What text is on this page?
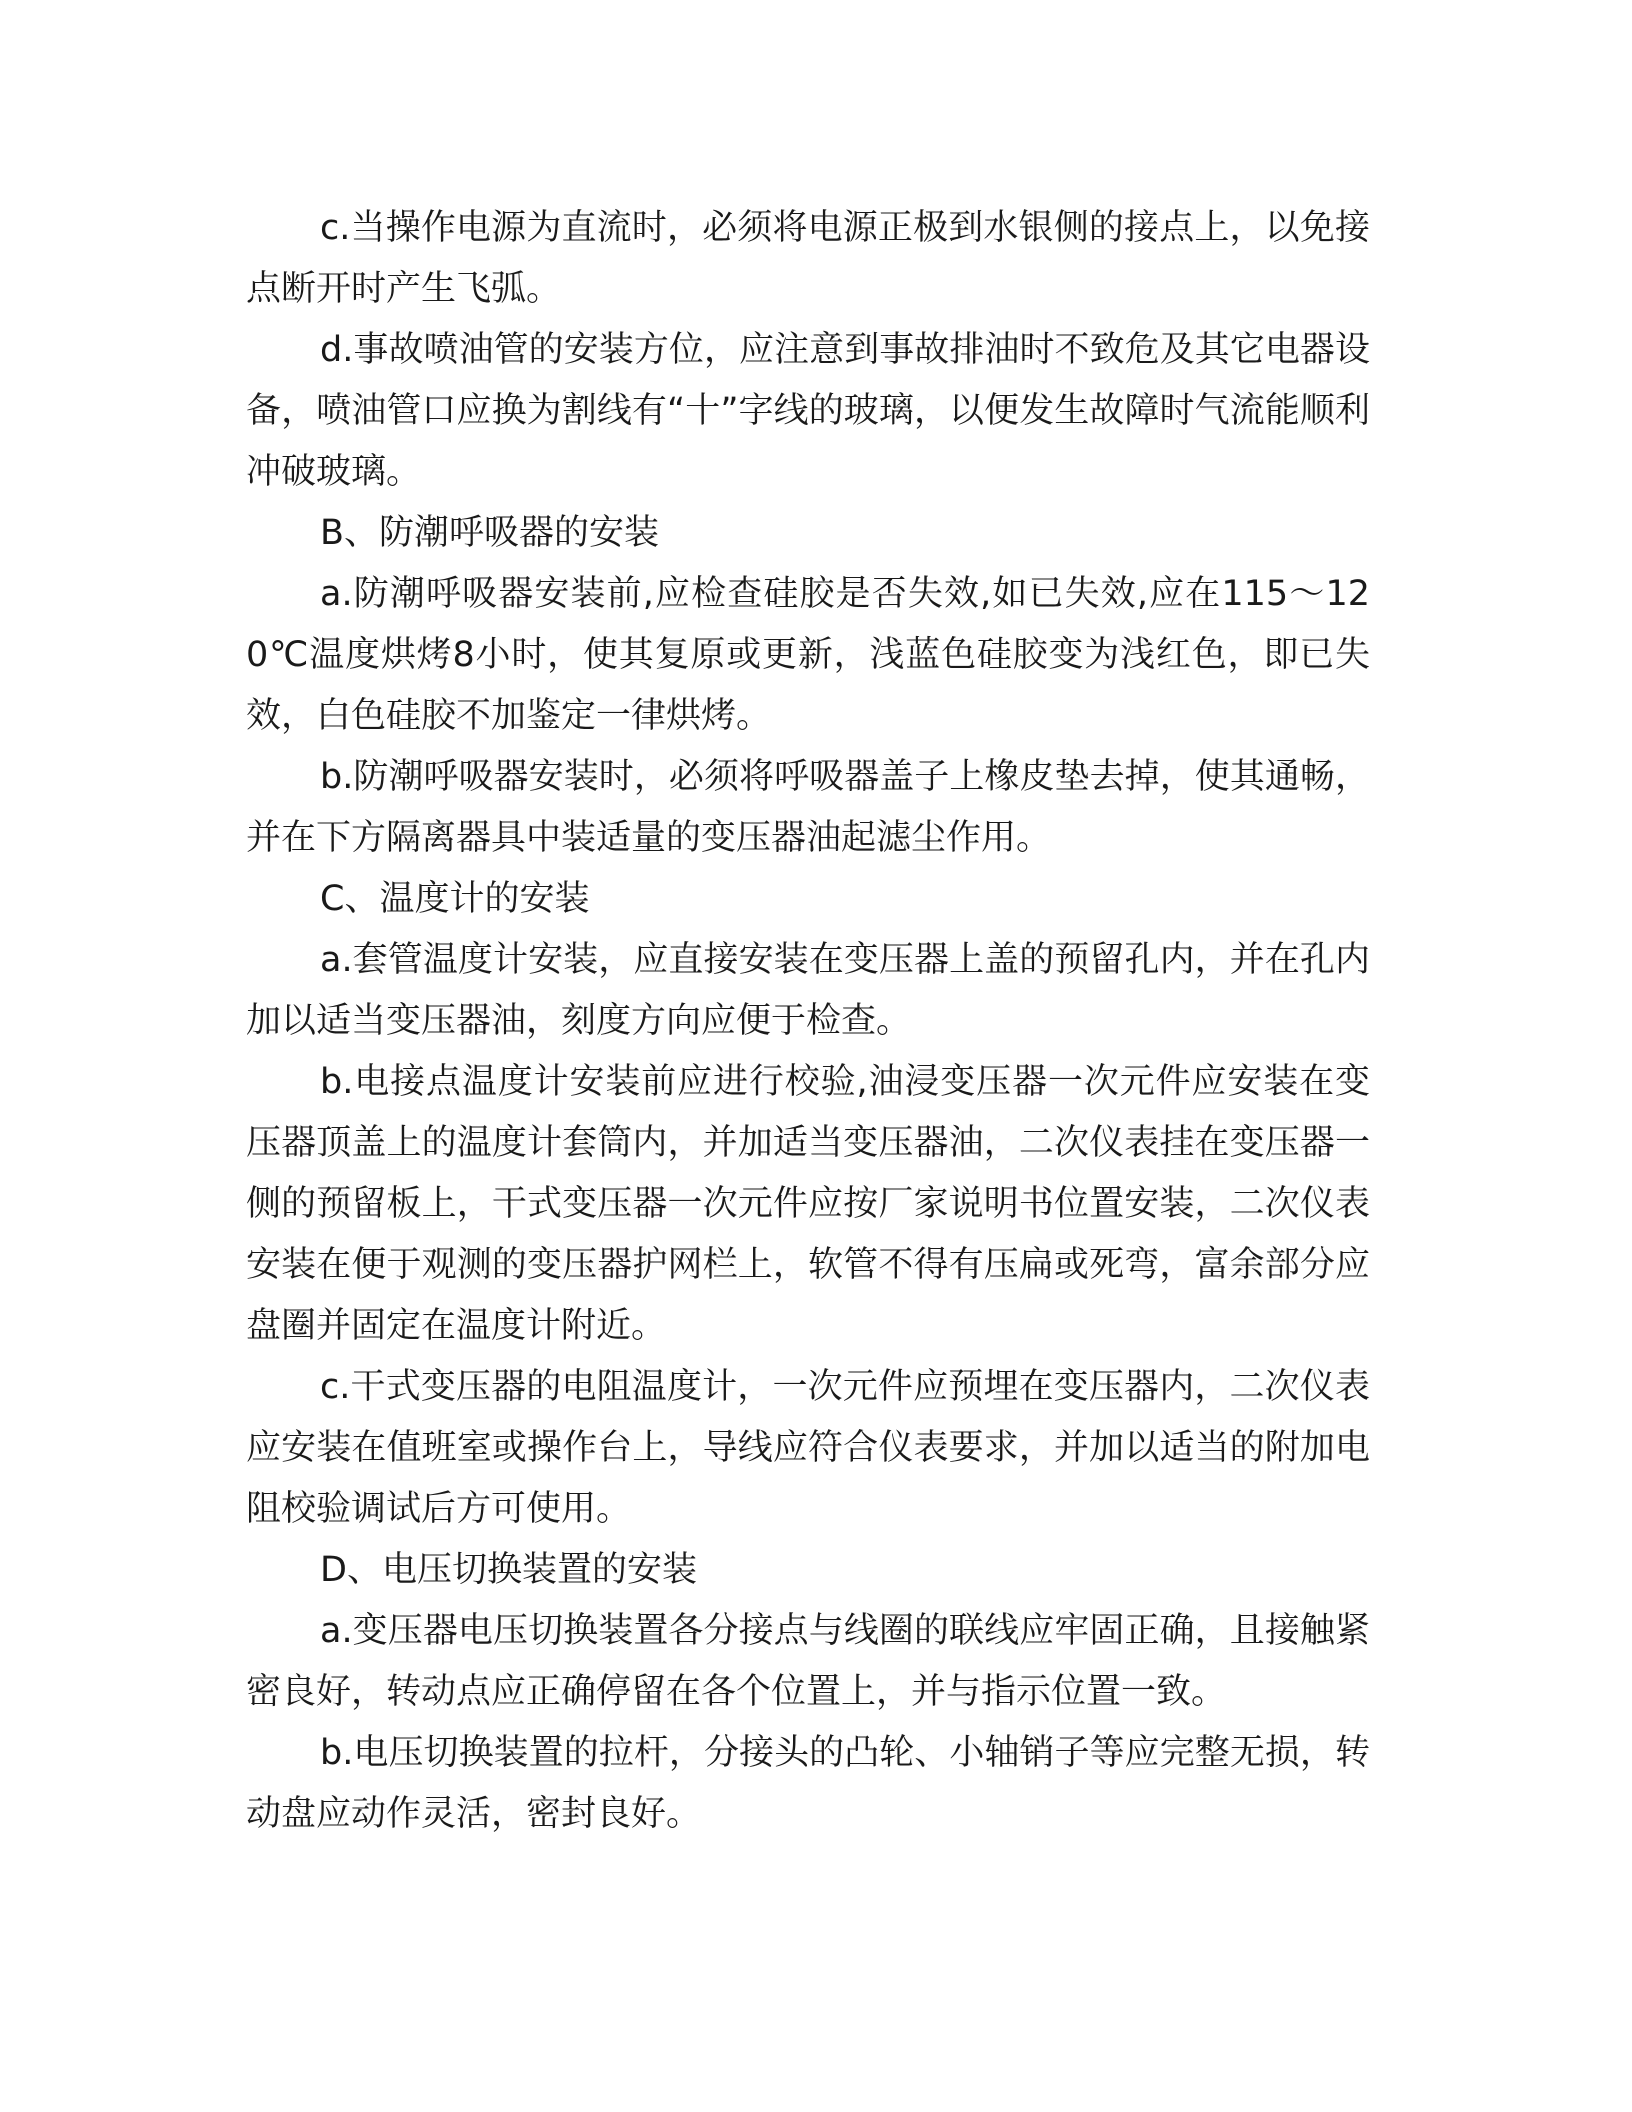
c.当操作电源为直流时，必须将电源正极到水银侧的接点上，以免接点断开时产生飞弧。

d.事故喷油管的安装方位，应注意到事故排油时不致危及其它电器设备，喷油管口应换为割线有“十”字线的玻璃，以便发生故障时气流能顺利冲破玻璃。

B、防潮呼吸器的安装

a.防潮呼吸器安装前,应检查硅胶是否失效,如已失效,应在115～120℃温度烘烤8小时，使其复原或更新，浅蓝色硅胶变为浅红色，即已失效，白色硅胶不加鉴定一律烘烤。

b.防潮呼吸器安装时，必须将呼吸器盖子上橡皮垫去掉，使其通畅，并在下方隔离器具中装适量的变压器油起滤尘作用。

C、温度计的安装

a.套管温度计安装，应直接安装在变压器上盖的预留孔内，并在孔内加以适当变压器油，刻度方向应便于检查。

b.电接点温度计安装前应进行校验,油浸变压器一次元件应安装在变压器顶盖上的温度计套筒内，并加适当变压器油，二次仪表挂在变压器一侧的预留板上，干式变压器一次元件应按厂家说明书位置安装，二次仪表安装在便于观测的变压器护网栏上，软管不得有压扁或死弯，富余部分应盘圈并固定在温度计附近。

c.干式变压器的电阻温度计，一次元件应预埋在变压器内，二次仪表应安装在值班室或操作台上，导线应符合仪表要求，并加以适当的附加电阻校验调试后方可使用。

D、电压切换装置的安装

a.变压器电压切换装置各分接点与线圈的联线应牢固正确，且接触紧密良好，转动点应正确停留在各个位置上，并与指示位置一致。

b.电压切换装置的拉杆，分接头的凸轮、小轴销子等应完整无损，转动盘应动作灵活，密封良好。
